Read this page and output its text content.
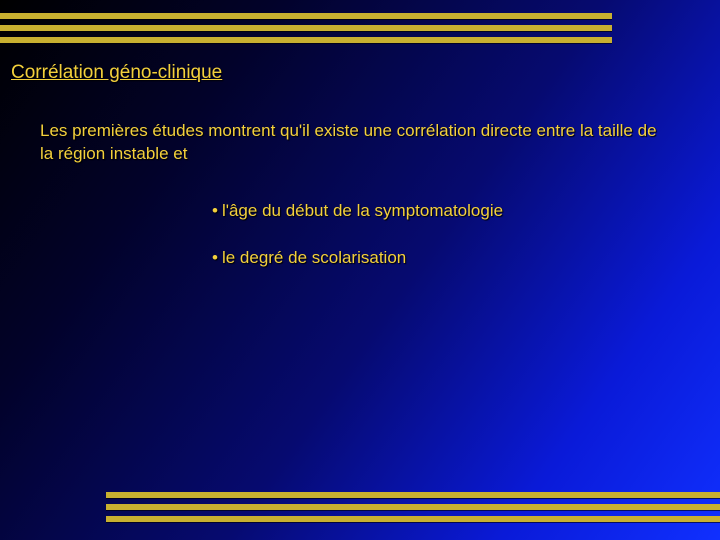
Corrélation géno-clinique

Les premières études montrent qu'il existe une corrélation directe entre la taille de la région instable et

• l'âge du début de la symptomatologie
• le degré de scolarisation
